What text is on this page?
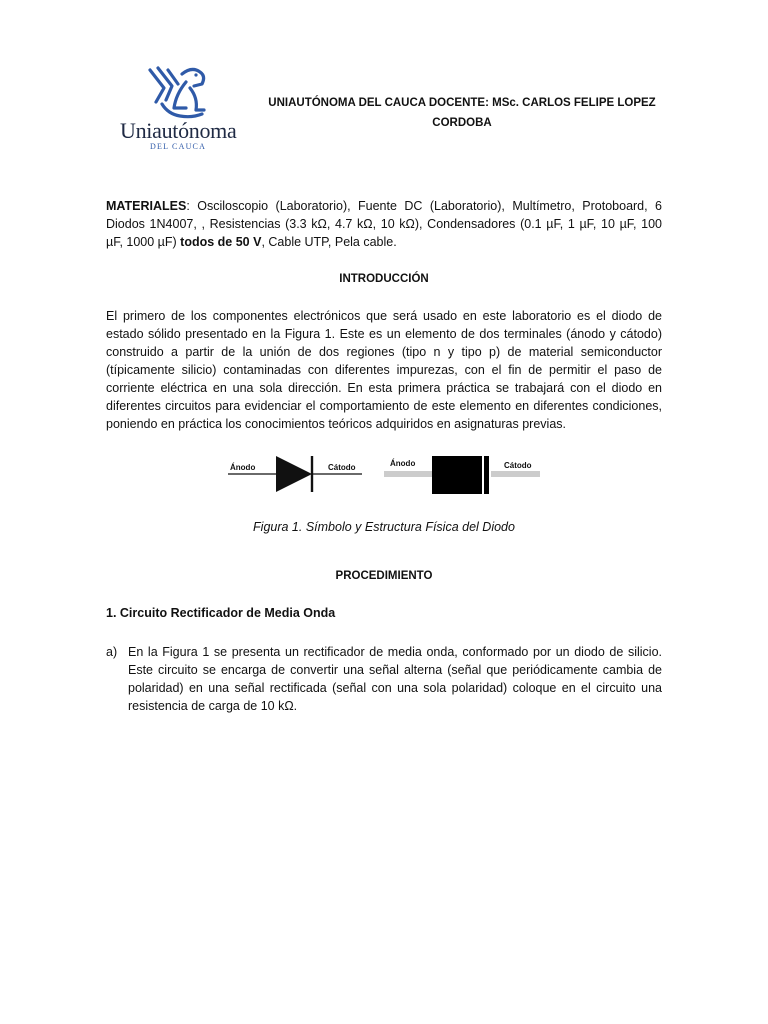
Uniautónoma
DEL CAUCA
UNIAUTÓNOMA DEL CAUCA DOCENTE: MSc. CARLOS FELIPE LOPEZ CORDOBA
MATERIALES: Osciloscopio (Laboratorio), Fuente DC (Laboratorio), Multímetro, Protoboard, 6 Diodos 1N4007, , Resistencias (3.3 kΩ, 4.7 kΩ, 10 kΩ), Condensadores (0.1 µF, 1 µF, 10 µF, 100 µF, 1000 µF) todos de 50 V, Cable UTP, Pela cable.
INTRODUCCIÓN
El primero de los componentes electrónicos que será usado en este laboratorio es el diodo de estado sólido presentado en la Figura 1. Este es un elemento de dos terminales (ánodo y cátodo) construido a partir de la unión de dos regiones (tipo n y tipo p) de material semiconductor (típicamente silicio) contaminadas con diferentes impurezas, con el fin de permitir el paso de corriente eléctrica en una sola dirección. En esta primera práctica se trabajará con el diodo en diferentes circuitos para evidenciar el comportamiento de este elemento en diferentes condiciones, poniendo en práctica los conocimientos teóricos adquiridos en asignaturas previas.
Ánodo	Cátodo	Ánodo	Cátodo
Figura 1. Símbolo y Estructura Física del Diodo
PROCEDIMIENTO
1. Circuito Rectificador de Media Onda
a) En la Figura 1 se presenta un rectificador de media onda, conformado por un diodo de silicio. Este circuito se encarga de convertir una señal alterna (señal que periódicamente cambia de polaridad) en una señal rectificada (señal con una sola polaridad) coloque en el circuito una resistencia de carga de 10 kΩ.
